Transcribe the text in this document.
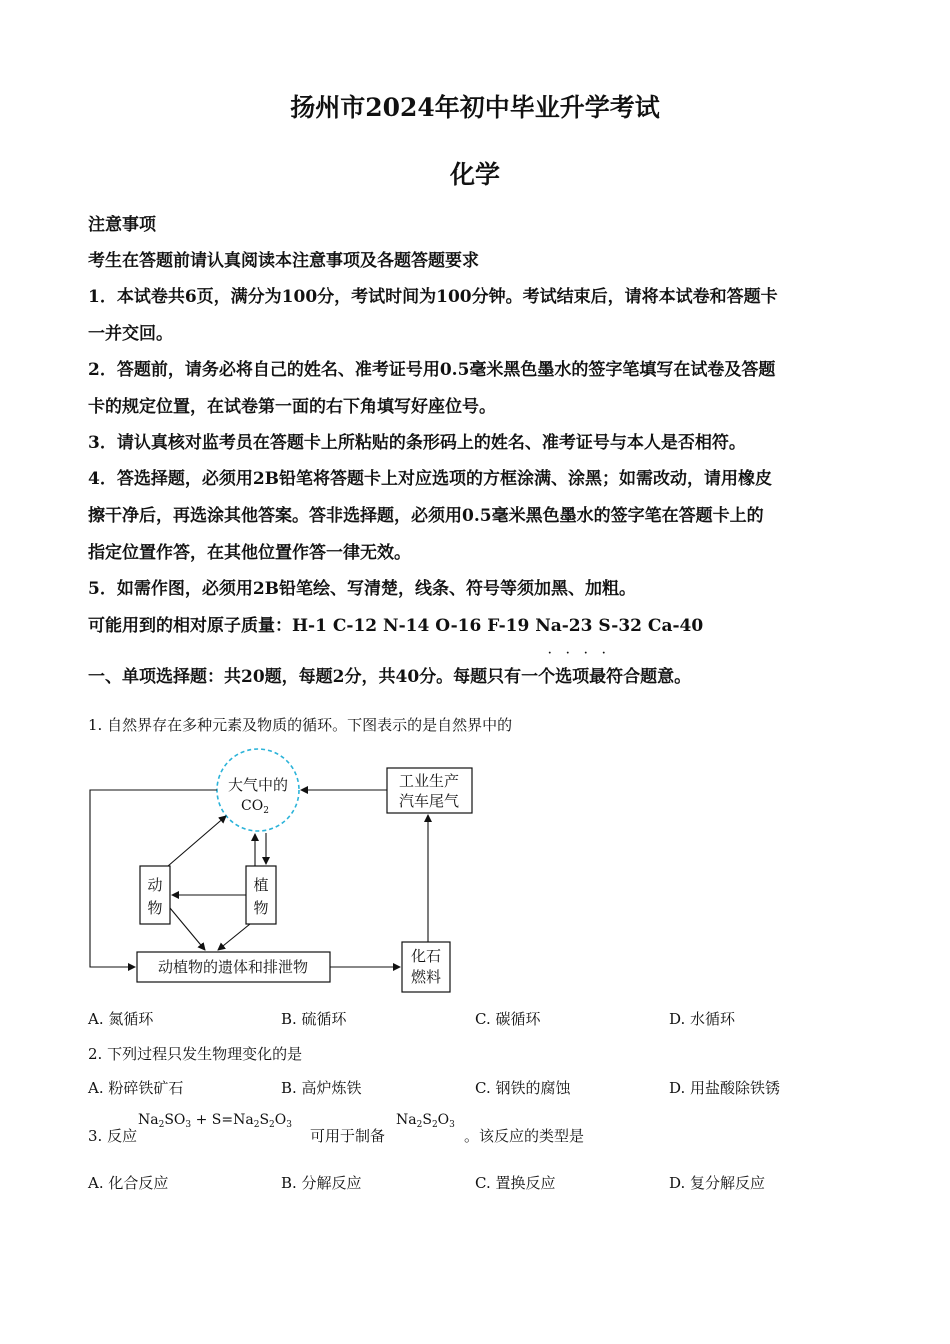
扬州市2024年初中毕业升学考试
化学
注意事项
考生在答题前请认真阅读本注意事项及各题答题要求
1．本试卷共6页，满分为100分，考试时间为100分钟。考试结束后，请将本试卷和答题卡
一并交回。
2．答题前，请务必将自己的姓名、准考证号用0.5毫米黑色墨水的签字笔填写在试卷及答题
卡的规定位置，在试卷第一面的右下角填写好座位号。
3．请认真核对监考员在答题卡上所粘贴的条形码上的姓名、准考证号与本人是否相符。
4．答选择题，必须用2B铅笔将答题卡上对应选项的方框涂满、涂黑；如需改动，请用橡皮
擦干净后，再选涂其他答案。答非选择题，必须用0.5毫米黑色墨水的签字笔在答题卡上的
指定位置作答，在其他位置作答一律无效。
5．如需作图，必须用2B铅笔绘、写清楚，线条、符号等须加黑、加粗。
可能用到的相对原子质量：H-1 C-12 N-14 O-16 F-19 Na-23 S-32 Ca-40
· · · ·
一、单项选择题：共20题，每题2分，共40分。每题只有一个选项最符合题意。
1. 自然界存在多种元素及物质的循环。下图表示的是自然界中的
大气中的
$CO_2$
工业生产
汽车尾气
动
物
植
物
动植物的遗体和排泄物
化石
燃料
A. 氮循环	B. 硫循环	C. 碳循环	D. 水循环
2. 下列过程只发生物理变化的是
A. 粉碎铁矿石	B. 高炉炼铁	C. 钢铁的腐蚀	D. 用盐酸除铁锈
3. 反应
$Na_2SO_3 + S=Na_2S_2O_3$
可用于制备
$Na_2S_2O_3$
。该反应的类型是
A. 化合反应	B. 分解反应	C. 置换反应	D. 复分解反应
